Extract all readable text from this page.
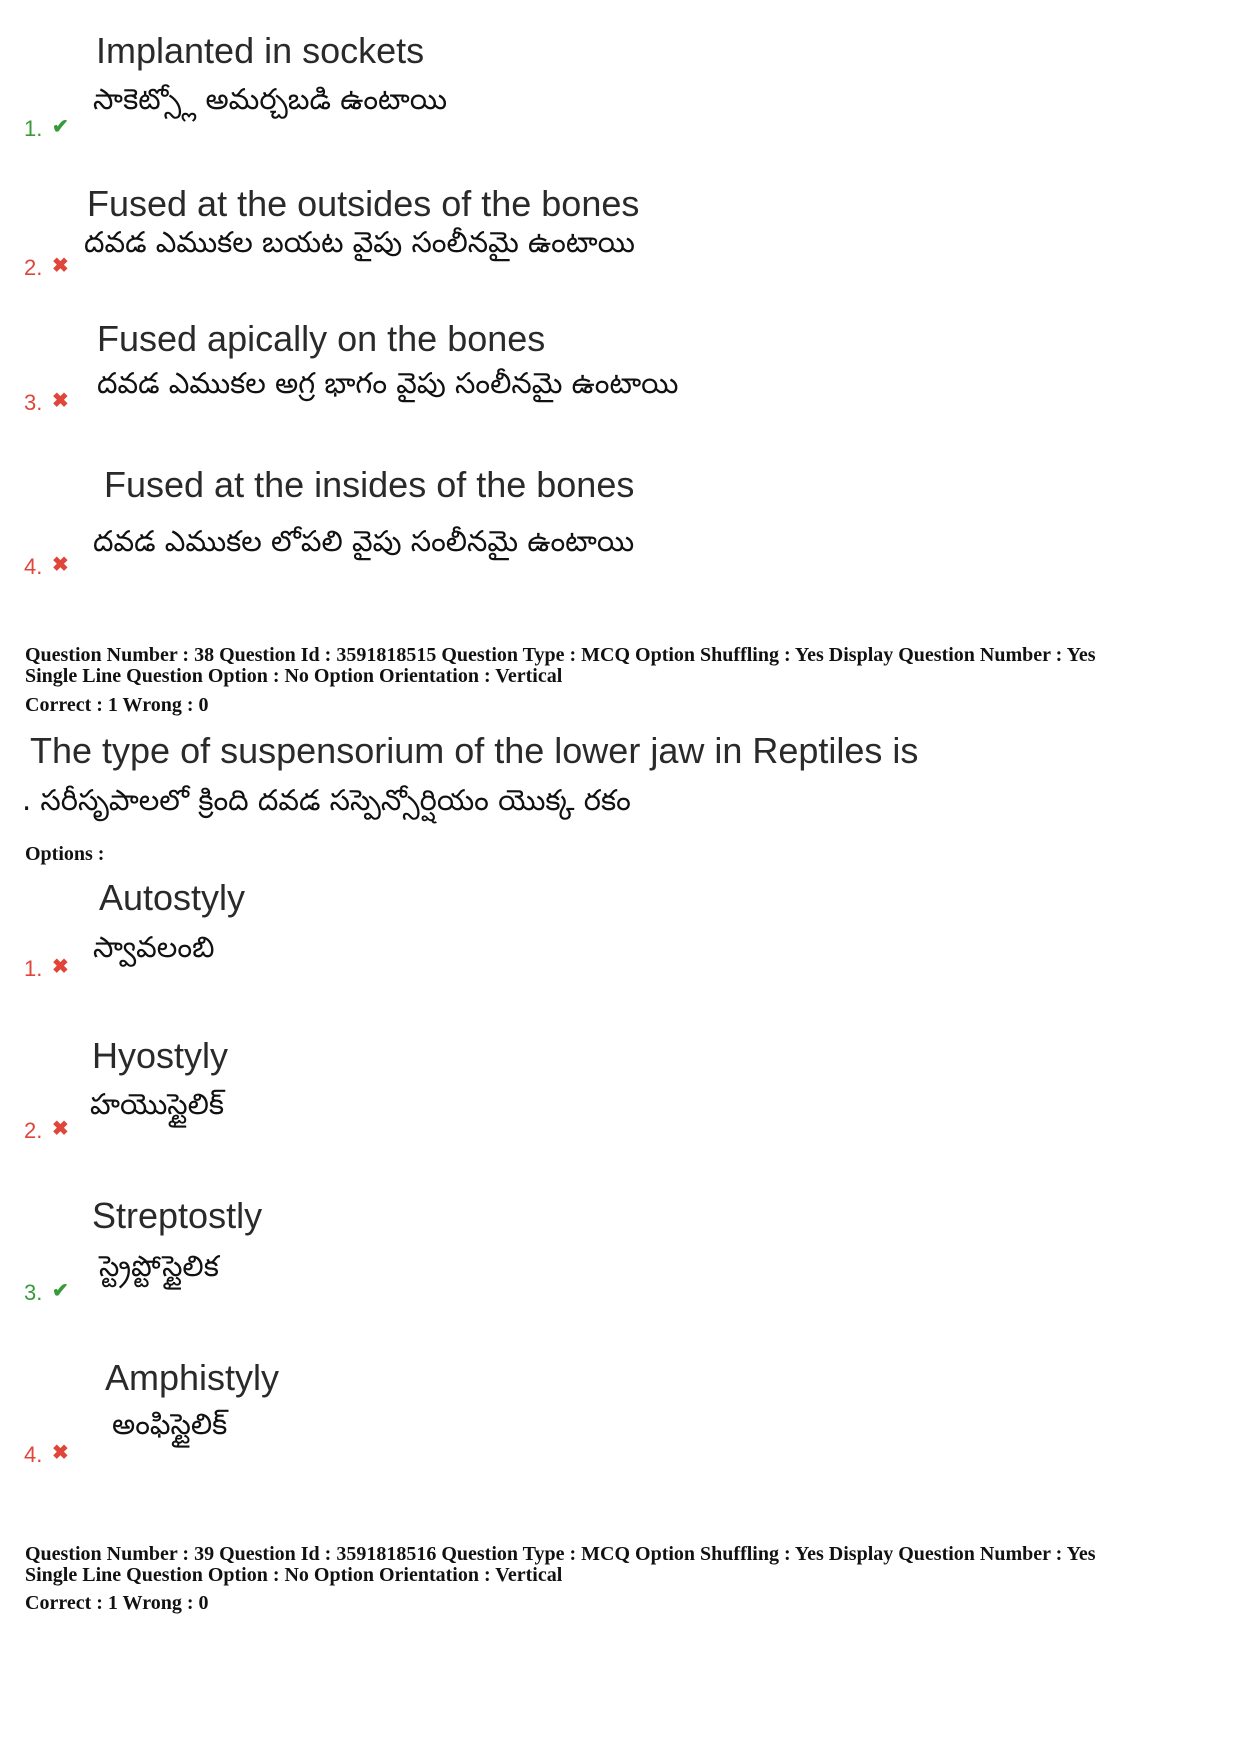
Implanted in sockets
సాకెట్స్లో అమర్చబడి ఉంటాయి
1. ✔
Fused at the outsides of the bones
దవడ ఎముకల బయట వైపు సంలీనమై ఉంటాయి
2. ✖
Fused apically on the bones
దవడ ఎముకల అగ్ర భాగం వైపు సంలీనమై ఉంటాయి
3. ✖
Fused at the insides of the bones
దవడ ఎముకల లోపలి వైపు సంలీనమై ఉంటాయి
4. ✖
Question Number : 38 Question Id : 3591818515 Question Type : MCQ Option Shuffling : Yes Display Question Number : Yes
Single Line Question Option : No Option Orientation : Vertical
Correct : 1 Wrong : 0
The type of suspensorium of the lower jaw in Reptiles is
. సరీసృపాలలో క్రింది దవడ సస్పెన్సోర్షియం యొక్క రకం
Options :
Autostyly
స్వావలంబి
1. ✖
Hyostyly
హయొస్టైలిక్
2. ✖
Streptostly
స్ట్రెప్టోస్టైలిక
3. ✔
Amphistyly
అంఫిస్టైలిక్
4. ✖
Question Number : 39 Question Id : 3591818516 Question Type : MCQ Option Shuffling : Yes Display Question Number : Yes
Single Line Question Option : No Option Orientation : Vertical
Correct : 1 Wrong : 0
